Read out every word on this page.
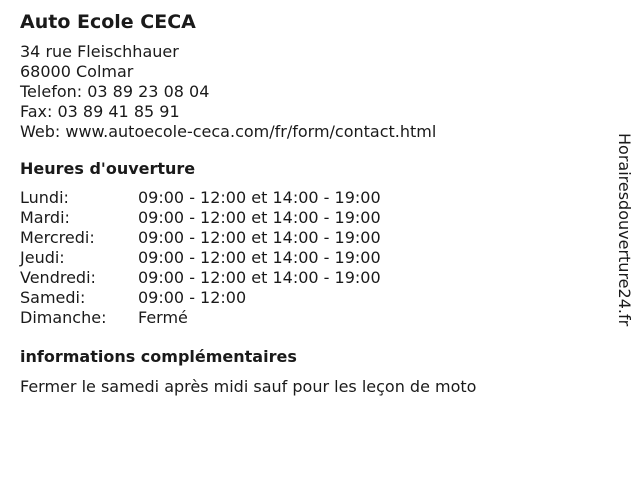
Auto Ecole CECA
34 rue Fleischhauer
68000 Colmar
Telefon: 03 89 23 08 04
Fax: 03 89 41 85 91
Web: www.autoecole-ceca.com/fr/form/contact.html
Heures d'ouverture
Lundi:	09:00 - 12:00 et 14:00 - 19:00
Mardi:	09:00 - 12:00 et 14:00 - 19:00
Mercredi:	09:00 - 12:00 et 14:00 - 19:00
Jeudi:	09:00 - 12:00 et 14:00 - 19:00
Vendredi:	09:00 - 12:00 et 14:00 - 19:00
Samedi:	09:00 - 12:00
Dimanche:	Fermé
informations complémentaires
Fermer le samedi après midi sauf pour les leçon de moto
Horairesdouverture24.fr
